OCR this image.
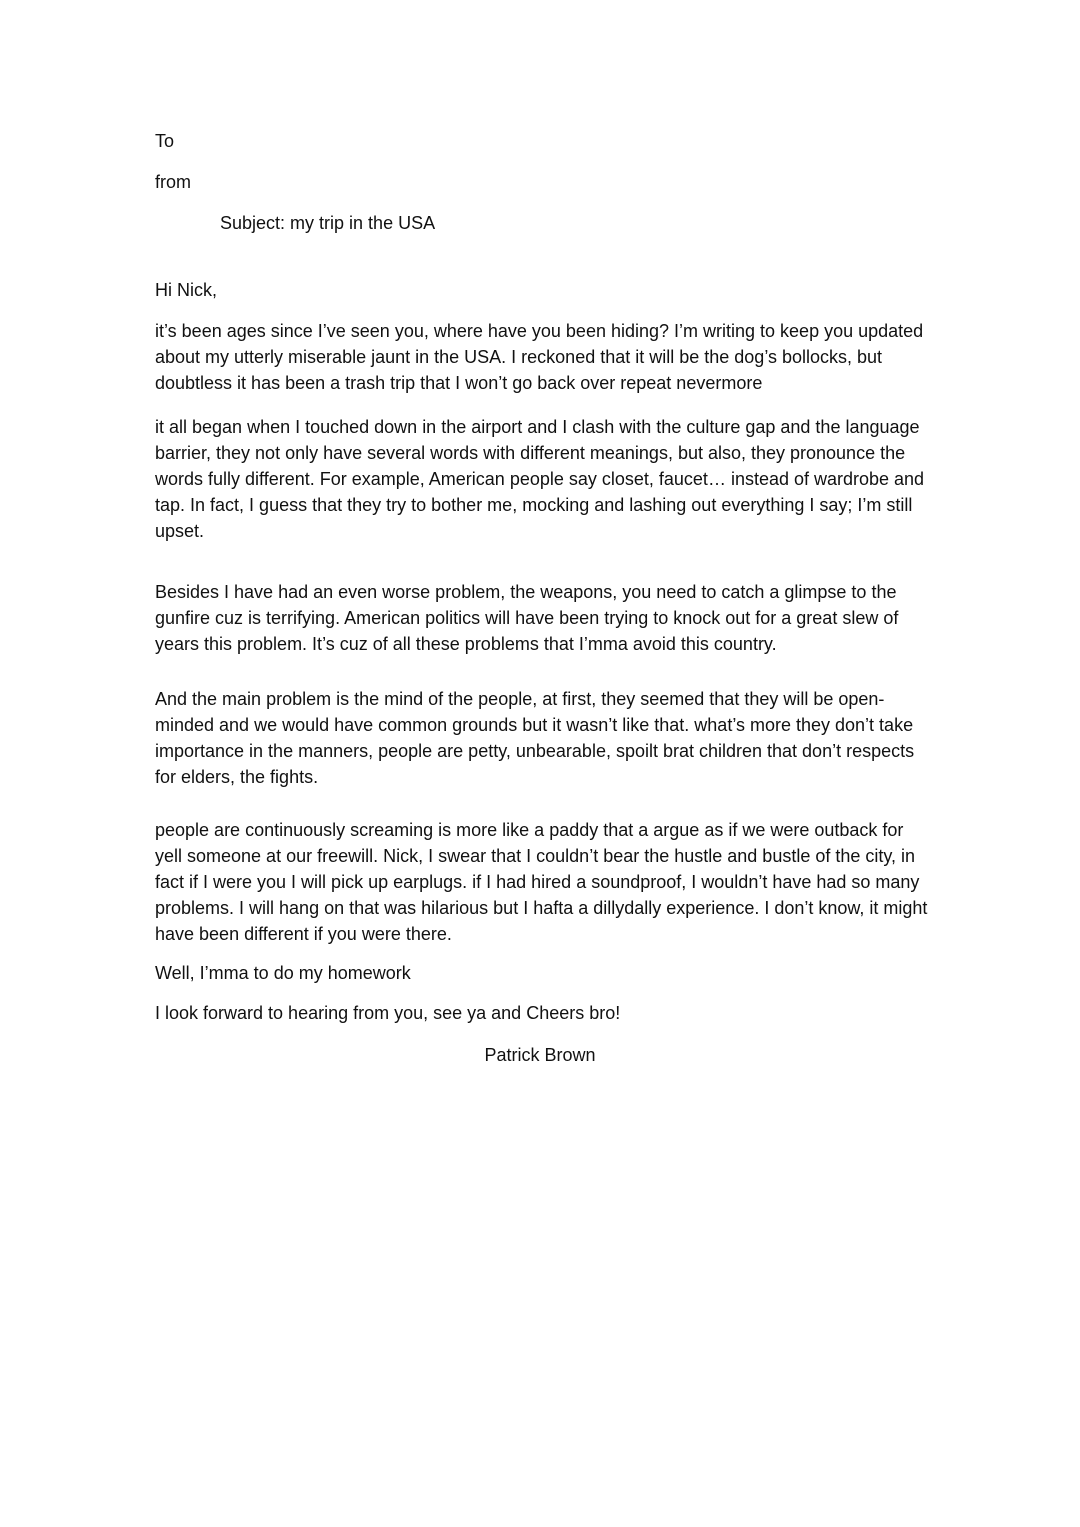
To
from
Subject: my trip in the USA
Hi Nick,

it’s been ages since I’ve seen you, where have you been hiding? I’m writing to keep you updated about my utterly miserable jaunt in the USA. I reckoned that it will be the dog’s bollocks, but doubtless it has been a trash trip that I won’t go back over repeat nevermore

it all began when I touched down in the airport and I clash with the culture gap and the language barrier, they not only have several words with different meanings, but also, they pronounce the words fully different. For example, American people say closet, faucet… instead of wardrobe and tap. In fact, I guess that they try to bother me, mocking and lashing out everything I say; I’m still upset.

Besides I have had an even worse problem, the weapons, you need to catch a glimpse to the gunfire cuz is terrifying. American politics will have been trying to knock out for a great slew of years this problem. It’s cuz of all these problems that I’mma avoid this country.

And the main problem is the mind of the people, at first, they seemed that they will be open-minded and we would have common grounds but it wasn’t like that. what’s more they don’t take importance in the manners, people are petty, unbearable, spoilt brat children that don’t respects for elders, the fights.

people are continuously screaming is more like a paddy that a argue as if we were outback for yell someone at our freewill. Nick, I swear that I couldn’t bear the hustle and bustle of the city, in fact if I were you I will pick up earplugs. if I had hired a soundproof, I wouldn’t have had so many problems. I will hang on that was hilarious but I hafta a dillydally experience. I don’t know, it might have been different if you were there.

Well, I’mma to do my homework
I look forward to hearing from you, see ya and Cheers bro!
Patrick Brown
